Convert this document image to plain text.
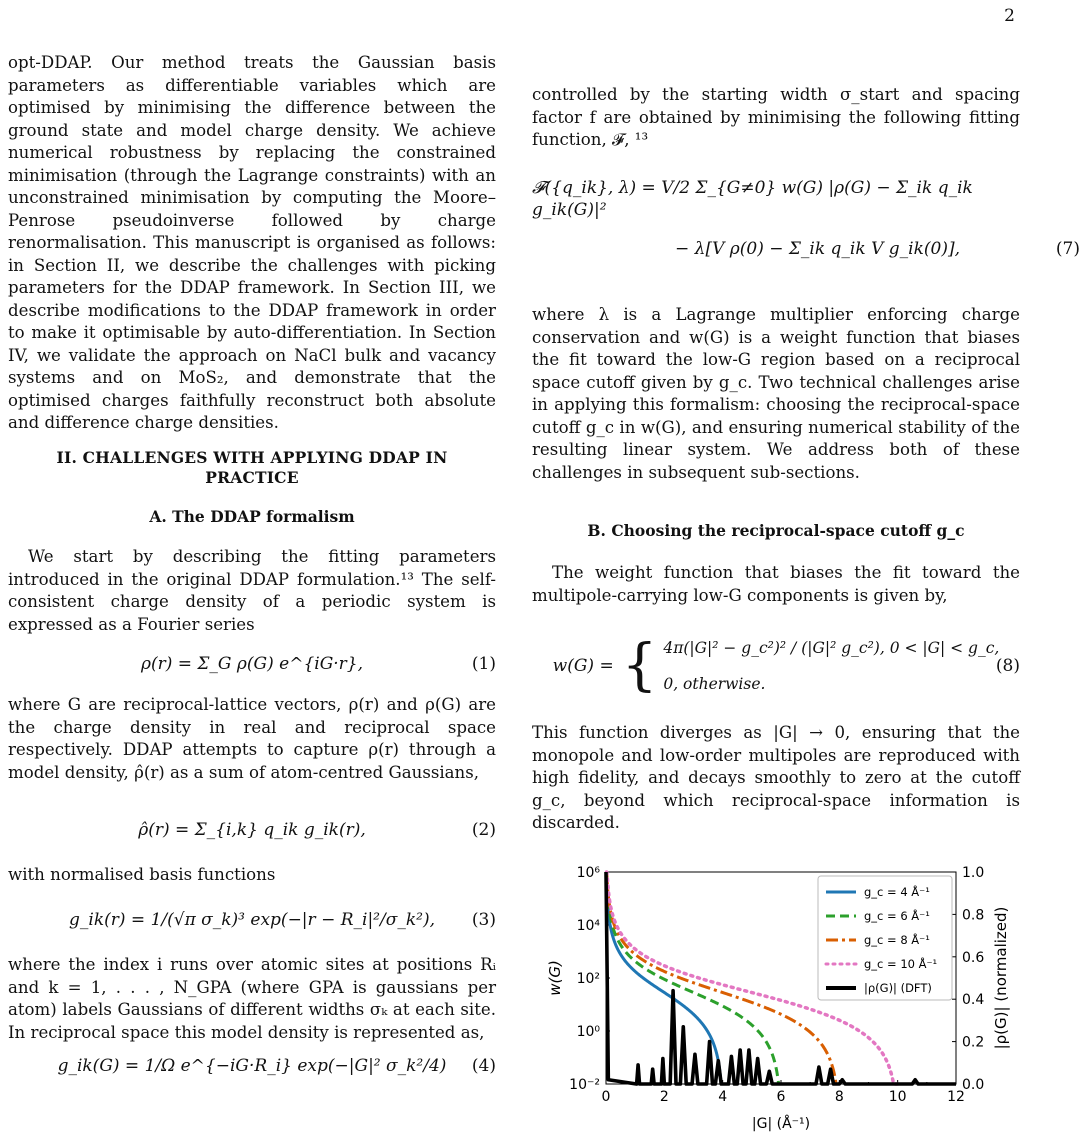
2

opt-DDAP. Our method treats the Gaussian basis parameters as differentiable variables which are optimised by minimising the difference between the ground state and model charge density. We achieve numerical robustness by replacing the constrained minimisation (through the Lagrange constraints) with an unconstrained minimisation by computing the Moore–Penrose pseudoinverse followed by charge renormalisation. This manuscript is organised as follows: in Section II, we describe the challenges with picking parameters for the DDAP framework. In Section III, we describe modifications to the DDAP framework in order to make it optimisable by auto-differentiation. In Section IV, we validate the approach on NaCl bulk and vacancy systems and on MoS₂, and demonstrate that the optimised charges faithfully reconstruct both absolute and difference charge densities.

II. CHALLENGES WITH APPLYING DDAP IN PRACTICE
A. The DDAP formalism

We start by describing the fitting parameters introduced in the original DDAP formulation.¹³ The self-consistent charge density of a periodic system is expressed as a Fourier series

ρ(r) = Σ_G ρ(G) e^{iG·r},	(1)

where G are reciprocal-lattice vectors, ρ(r) and ρ(G) are the charge density in real and reciprocal space respectively. DDAP attempts to capture ρ(r) through a model density, ρ̂(r) as a sum of atom-centred Gaussians,

ρ̂(r) = Σ_{i,k} q_ik g_ik(r),	(2)

with normalised basis functions

g_ik(r) = 1/(√π σ_k)³ exp(−|r − R_i|²/σ_k²), (3)

where the index i runs over atomic sites at positions Rᵢ and k = 1, . . . , N_GPA (where GPA is gaussians per atom) labels Gaussians of different widths σₖ at each site. In reciprocal space this model density is represented as,

g_ik(G) = 1/Ω e^{−iG·R_i} exp(−|G|² σ_k²/4) (4)

controlled by the starting width σ_start and spacing factor f are obtained by minimising the following fitting function, 𝓕, ¹³

𝓕({q_ik}, λ) = V/2 Σ_{G≠0} w(G) |ρ(G) − Σ_ik q_ik g_ik(G)|²
− λ[V ρ(0) − Σ_ik q_ik V g_ik(0)],	(7)

where λ is a Lagrange multiplier enforcing charge conservation and w(G) is a weight function that biases the fit toward the low-G region based on a reciprocal space cutoff given by g_c. Two technical challenges arise in applying this formalism: choosing the reciprocal-space cutoff g_c in w(G), and ensuring numerical stability of the resulting linear system. We address both of these challenges in subsequent sub-sections.

B. Choosing the reciprocal-space cutoff g_c

The weight function that biases the fit toward the multipole-carrying low-G components is given by,

w(G) = { 4π(|G|² − g_c²)² / (|G|² g_c²), 0 < |G| < g_c,
0, otherwise.
(8)

This function diverges as |G| → 0, ensuring that the monopole and low-order multipoles are reproduced with high fidelity, and decays smoothly to zero at the cutoff g_c, beyond which reciprocal-space information is discarded.

0	2	4	6	8	10	12
10⁻²
10⁰
10²
10⁴
10⁶
0.0
0.2
0.4
0.6
0.8
1.0
|G| (Å⁻¹)
w(G)	|ρ(G)| (normalized)
g_c = 4 Å⁻¹
g_c = 6 Å⁻¹
g_c = 8 Å⁻¹
g_c = 10 Å⁻¹
|ρ(G)| (DFT)
